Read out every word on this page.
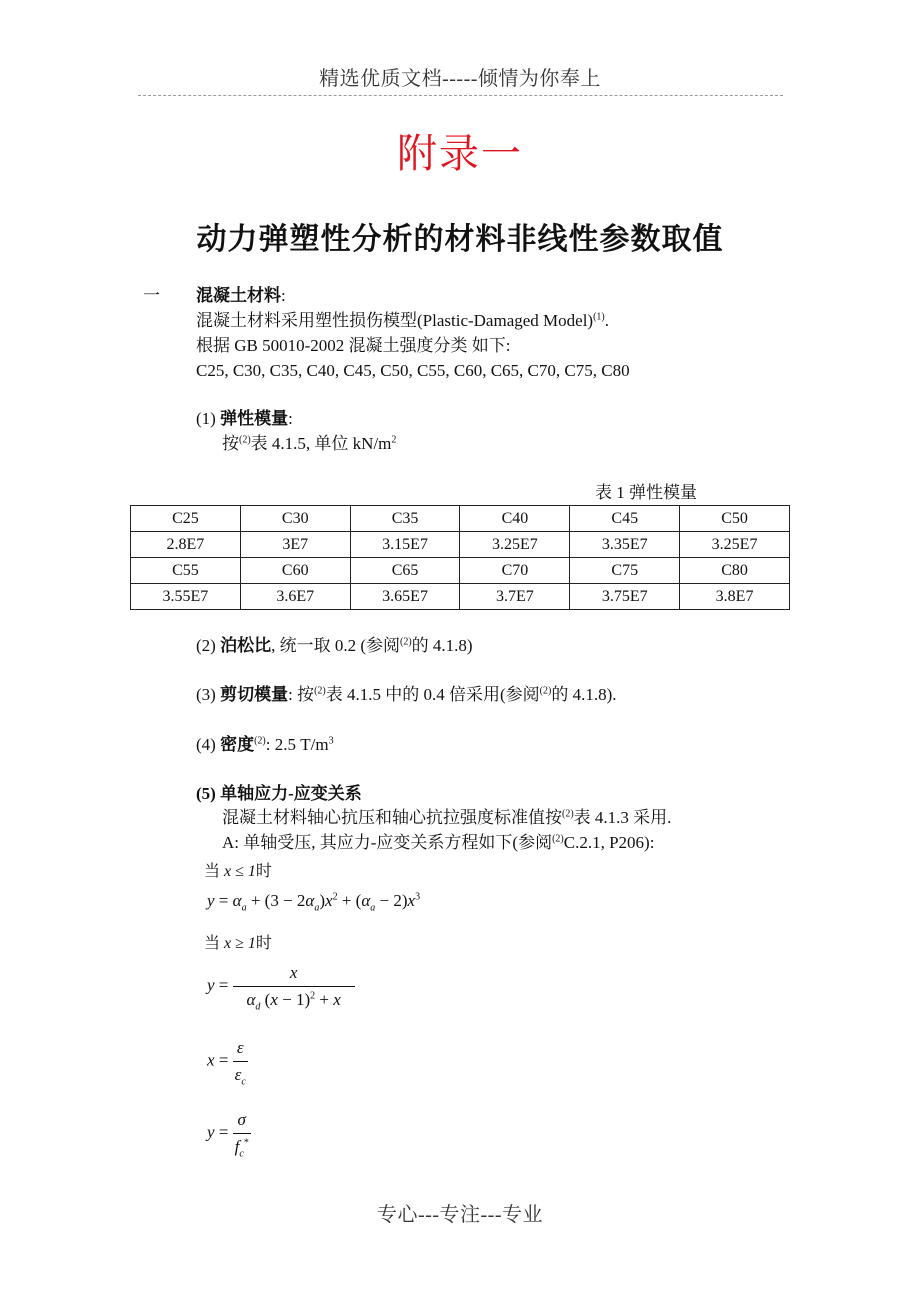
精选优质文档-----倾情为你奉上
附录一
动力弹塑性分析的材料非线性参数取值
一 混凝土材料:
混凝土材料采用塑性损伤模型(Plastic-Damaged Model)$^{(1)}$.
根据 GB 50010-2002 混凝土强度分类 如下:
C25, C30, C35, C40, C45, C50, C55, C60, C65, C70, C75, C80
(1) 弹性模量:
按$^{(2)}$表 4.1.5, 单位 $kN/m^2$
表 1 弹性模量
C25	C30	C35	C40	C45	C50
2.8E7	3E7	3.15E7	3.25E7	3.35E7	3.25E7
C55	C60	C65	C70	C75	C80
3.55E7	3.6E7	3.65E7	3.7E7	3.75E7	3.8E7
(2) 泊松比, 统一取 0.2 (参阅$^{(2)}$的 4.1.8)
(3) 剪切模量: 按$^{(2)}$表 4.1.5 中的 0.4 倍采用(参阅$^{(2)}$的 4.1.8).
(4) 密度$^{(2)}$: 2.5 $T/m^3$
(5) 单轴应力-应变关系
混凝土材料轴心抗压和轴心抗拉强度标准值按$^{(2)}$表 4.1.3 采用.
A: 单轴受压, 其应力-应变关系方程如下(参阅$^{(2)}$C.2.1, P206):
当 x ≤ 1时
$y = \alpha_a + (3 - 2\alpha_a)x^2 + (\alpha_a - 2)x^3$
当 x ≥ 1时
$y = \frac{x}{\alpha_d (x - 1)^2 + x}$
$x = \frac{\varepsilon}{\varepsilon_c}$
$y = \frac{\sigma}{f_c^*}$
专心---专注---专业
